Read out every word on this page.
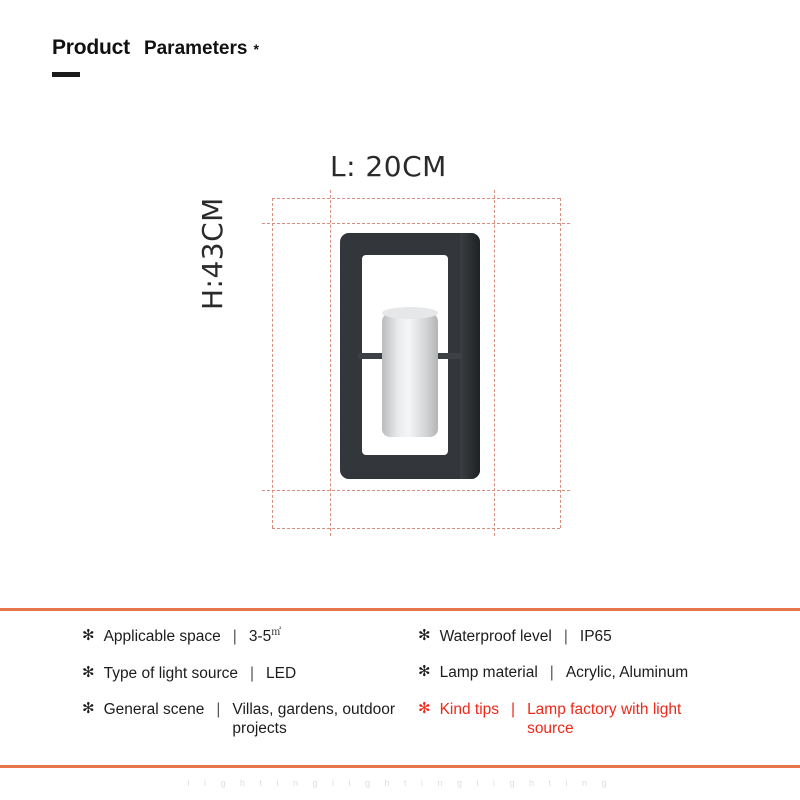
Product Parameters *
L: 20CM
H:43CM
✻ Applicable space | 3-5㎡
✻ Type of light source | LED
✻ General scene | Villas, gardens, outdoor projects
✻ Waterproof level | IP65
✻ Lamp material | Acrylic, Aluminum
✻ Kind tips | Lamp factory with light source
l i g h t i n g l i g h t i n g l i g h t i n g
